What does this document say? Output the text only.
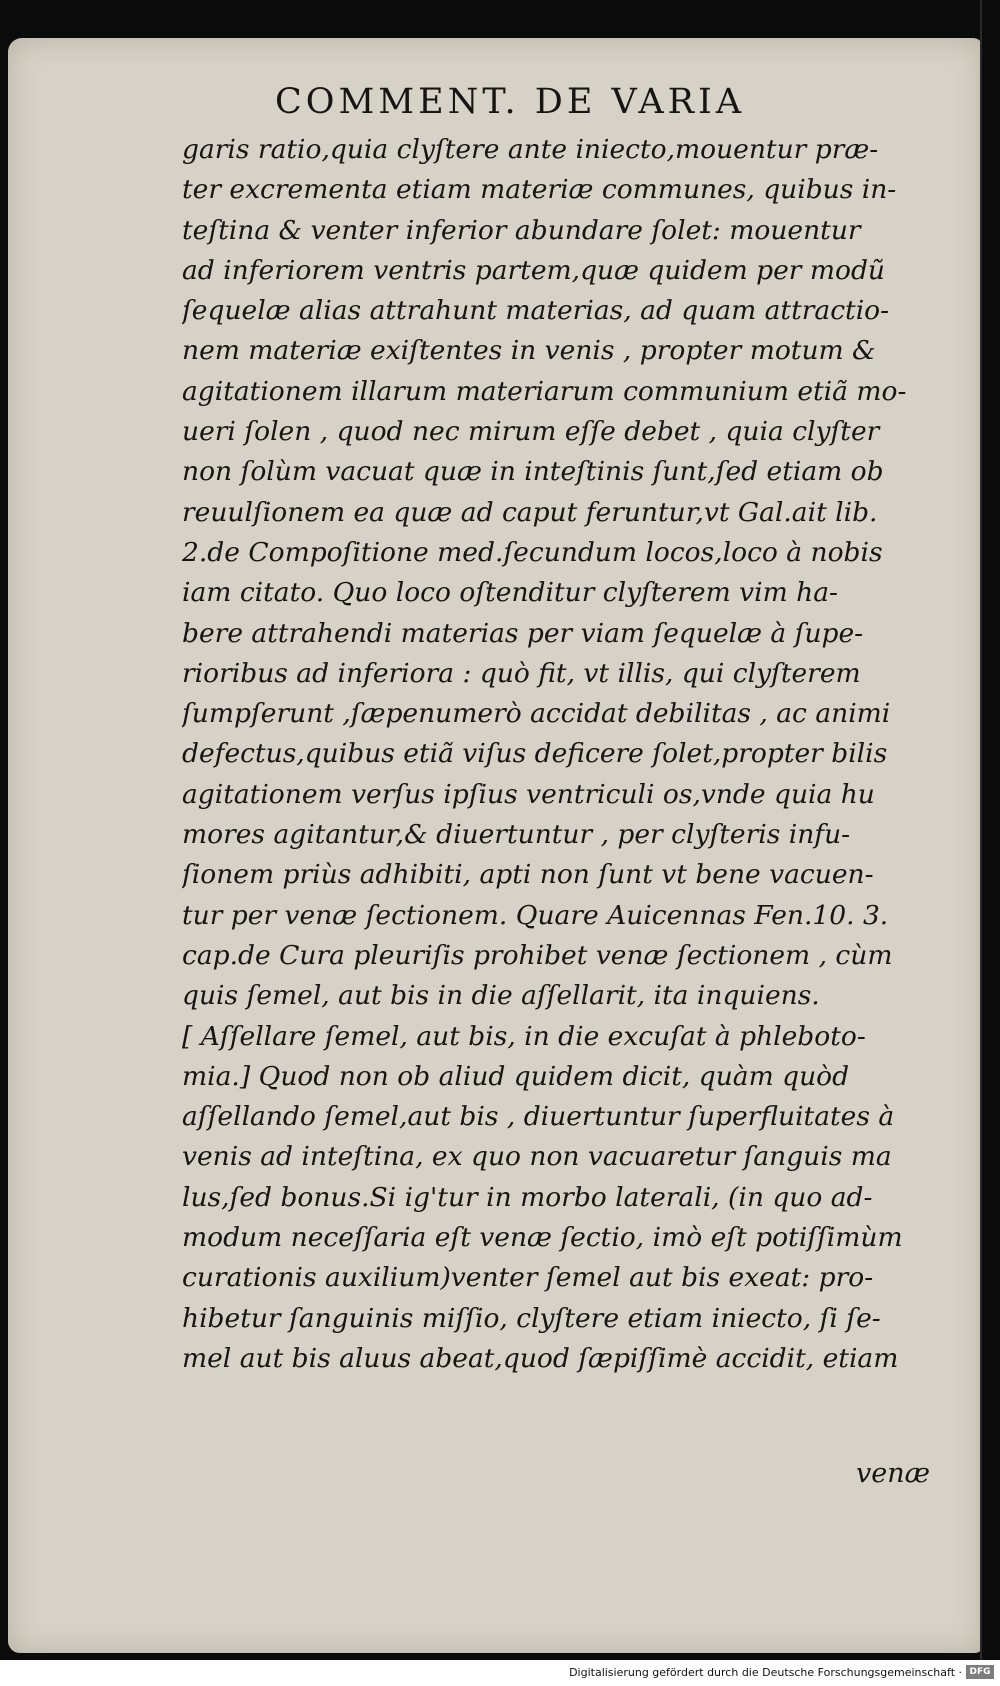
COMMENT. DE VARIA
garis ratio,quia clyſtere ante iniecto,mouentur præ-
ter excrementa etiam materiæ communes, quibus in-
teſtina & venter inferior abundare ſolet: mouentur
ad inferiorem ventris partem,quæ quidem per modũ
ſequelæ alias attrahunt materias, ad quam attractio-
nem materiæ exiſtentes in venis , propter motum &
agitationem illarum materiarum communium etiã mo-
ueri ſolen , quod nec mirum eſſe debet , quia clyſter
non ſolùm vacuat quæ in inteſtinis ſunt,ſed etiam ob
reuulſionem ea quæ ad caput feruntur,vt Gal.ait lib.
2.de Compoſitione med.ſecundum locos,loco à nobis
iam citato. Quo loco oſtenditur clyſterem vim ha-
bere attrahendi materias per viam ſequelæ à ſupe-
rioribus ad inferiora : quò fit, vt illis, qui clyſterem
ſumpſerunt ,ſæpenumerò accidat debilitas , ac animi
defectus,quibus etiã viſus deficere ſolet,propter bilis
agitationem verſus ipſius ventriculi os,vnde quia hu
mores agitantur,& diuertuntur , per clyſteris infu-
ſionem priùs adhibiti, apti non ſunt vt bene vacuen-
tur per venæ ſectionem. Quare Auicennas Fen.10. 3.
cap.de Cura pleuriſis prohibet venæ ſectionem , cùm
quis ſemel, aut bis in die aſſellarit, ita inquiens.
[ Aſſellare ſemel, aut bis, in die excuſat à phleboto-
mia.] Quod non ob aliud quidem dicit, quàm quòd
aſſellando ſemel,aut bis , diuertuntur ſuperfluitates à
venis ad inteſtina, ex quo non vacuaretur ſanguis ma
lus,ſed bonus.Si ig'tur in morbo laterali, (in quo ad-
modum neceſſaria eſt venæ ſectio, imò eſt potiſſimùm
curationis auxilium)venter ſemel aut bis exeat: pro-
hibetur ſanguinis miſſio, clyſtere etiam iniecto, ſi ſe-
mel aut bis aluus abeat,quod ſæpiſſimè accidit, etiam
venæ
Digitalisierung gefördert durch die Deutsche Forschungsgemeinschaft · DFG
